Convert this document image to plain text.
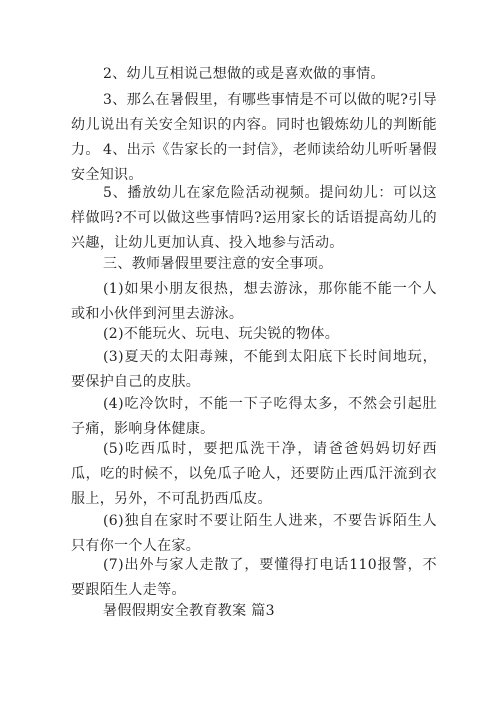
2、幼儿互相说己想做的或是喜欢做的事情。

3、那么在暑假里，有哪些事情是不可以做的呢?引导幼儿说出有关安全知识的内容。同时也锻炼幼儿的判断能力。 4、出示《告家长的一封信》，老师读给幼儿听听暑假安全知识。

5、播放幼儿在家危险活动视频。提问幼儿：可以这样做吗?不可以做这些事情吗?运用家长的话语提高幼儿的兴趣，让幼儿更加认真、投入地参与活动。

三、教师暑假里要注意的安全事项。

(1)如果小朋友很热，想去游泳，那你能不能一个人或和小伙伴到河里去游泳。

(2)不能玩火、玩电、玩尖锐的物体。

(3)夏天的太阳毒辣，不能到太阳底下长时间地玩，要保护自己的皮肤。

(4)吃冷饮时，不能一下子吃得太多，不然会引起肚子痛，影响身体健康。

(5)吃西瓜时，要把瓜洗干净，请爸爸妈妈切好西瓜，吃的时候不，以免瓜子呛人，还要防止西瓜汗流到衣服上，另外，不可乱扔西瓜皮。

(6)独自在家时不要让陌生人进来，不要告诉陌生人只有你一个人在家。

(7)出外与家人走散了，要懂得打电话110报警，不要跟陌生人走等。

暑假假期安全教育教案 篇3
